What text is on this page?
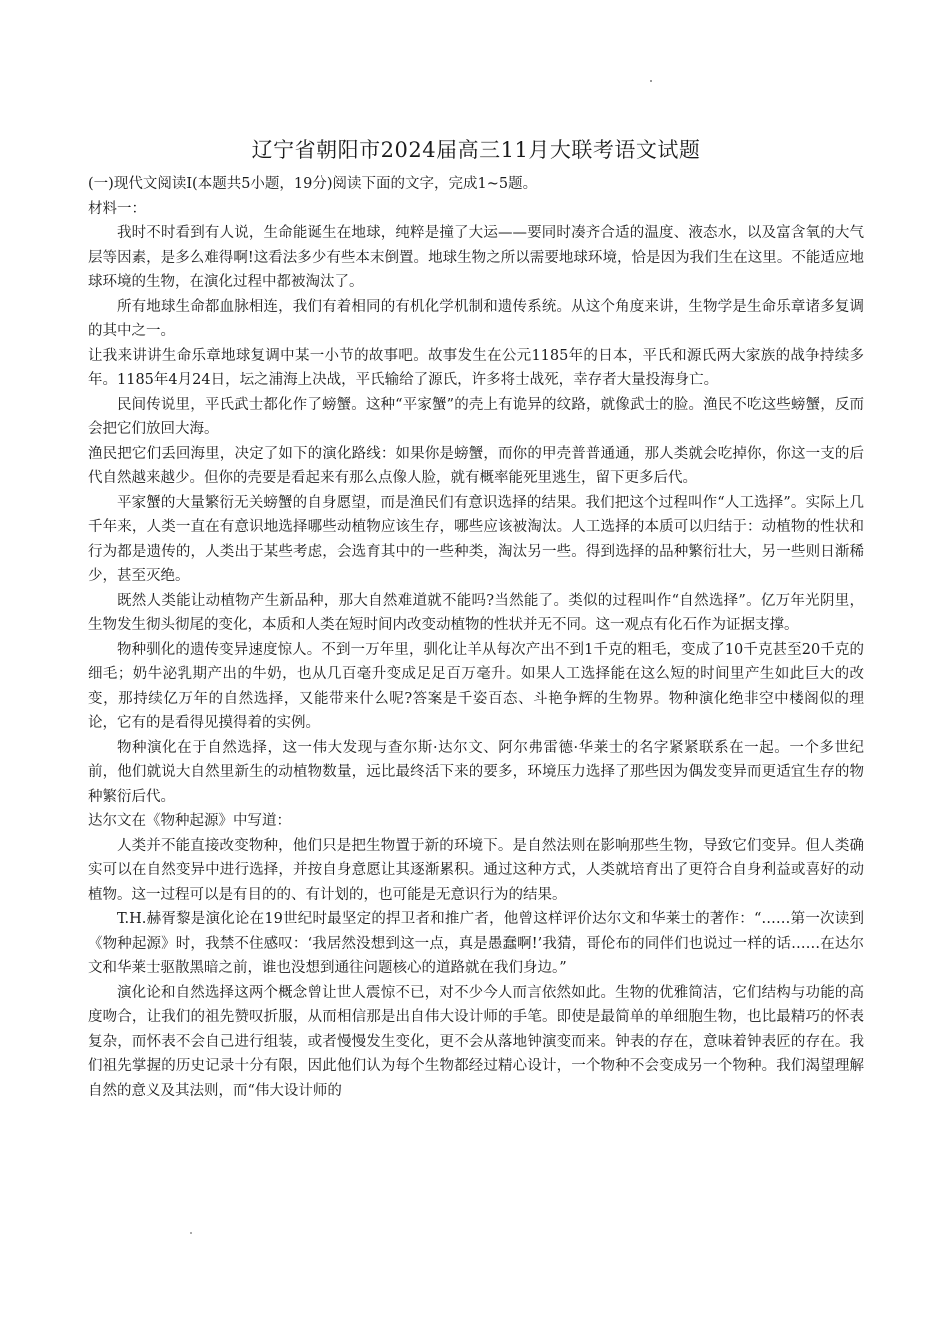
辽宁省朝阳市2024届高三11月大联考语文试题

(一)现代文阅读I(本题共5小题，19分)阅读下面的文字，完成1~5题。

材料一：

我时不时看到有人说，生命能诞生在地球，纯粹是撞了大运——要同时凑齐合适的温度、液态水，以及富含氧的大气层等因素，是多么难得啊!这看法多少有些本末倒置。地球生物之所以需要地球环境，恰是因为我们生在这里。不能适应地球环境的生物，在演化过程中都被淘汰了。

所有地球生命都血脉相连，我们有着相同的有机化学机制和遗传系统。从这个角度来讲，生物学是生命乐章诸多复调的其中之一。

让我来讲讲生命乐章地球复调中某一小节的故事吧。故事发生在公元1185年的日本，平氏和源氏两大家族的战争持续多年。1185年4月24日，坛之浦海上决战，平氏输给了源氏，许多将士战死，幸存者大量投海身亡。

民间传说里，平氏武士都化作了螃蟹。这种“平家蟹”的壳上有诡异的纹路，就像武士的脸。渔民不吃这些螃蟹，反而会把它们放回大海。

渔民把它们丢回海里，决定了如下的演化路线：如果你是螃蟹，而你的甲壳普普通通，那人类就会吃掉你，你这一支的后代自然越来越少。但你的壳要是看起来有那么点像人脸，就有概率能死里逃生，留下更多后代。

平家蟹的大量繁衍无关螃蟹的自身愿望，而是渔民们有意识选择的结果。我们把这个过程叫作“人工选择”。实际上几千年来，人类一直在有意识地选择哪些动植物应该生存，哪些应该被淘汰。人工选择的本质可以归结于：动植物的性状和行为都是遗传的，人类出于某些考虑，会选育其中的一些种类，淘汰另一些。得到选择的品种繁衍壮大，另一些则日渐稀少，甚至灭绝。

既然人类能让动植物产生新品种，那大自然难道就不能吗?当然能了。类似的过程叫作“自然选择”。亿万年光阴里，生物发生彻头彻尾的变化，本质和人类在短时间内改变动植物的性状并无不同。这一观点有化石作为证据支撑。

物种驯化的遗传变异速度惊人。不到一万年里，驯化让羊从每次产出不到1千克的粗毛，变成了10千克甚至20千克的细毛；奶牛泌乳期产出的牛奶，也从几百毫升变成足足百万毫升。如果人工选择能在这么短的时间里产生如此巨大的改变，那持续亿万年的自然选择，又能带来什么呢?答案是千姿百态、斗艳争辉的生物界。物种演化绝非空中楼阁似的理论，它有的是看得见摸得着的实例。

物种演化在于自然选择，这一伟大发现与查尔斯·达尔文、阿尔弗雷德·华莱士的名字紧紧联系在一起。一个多世纪前，他们就说大自然里新生的动植物数量，远比最终活下来的要多，环境压力选择了那些因为偶发变异而更适宜生存的物种繁衍后代。

达尔文在《物种起源》中写道：

人类并不能直接改变物种，他们只是把生物置于新的环境下。是自然法则在影响那些生物，导致它们变异。但人类确实可以在自然变异中进行选择，并按自身意愿让其逐渐累积。通过这种方式，人类就培育出了更符合自身利益或喜好的动植物。这一过程可以是有目的的、有计划的，也可能是无意识行为的结果。

T.H.赫胥黎是演化论在19世纪时最坚定的捍卫者和推广者，他曾这样评价达尔文和华莱士的著作：“……第一次读到《物种起源》时，我禁不住感叹：‘我居然没想到这一点，真是愚蠢啊!’我猜，哥伦布的同伴们也说过一样的话……在达尔文和华莱士驱散黑暗之前，谁也没想到通往问题核心的道路就在我们身边。”

演化论和自然选择这两个概念曾让世人震惊不已，对不少今人而言依然如此。生物的优雅简洁，它们结构与功能的高度吻合，让我们的祖先赞叹折服，从而相信那是出自伟大设计师的手笔。即使是最简单的单细胞生物，也比最精巧的怀表复杂，而怀表不会自己进行组装，或者慢慢发生变化，更不会从落地钟演变而来。钟表的存在，意味着钟表匠的存在。我们祖先掌握的历史记录十分有限，因此他们认为每个生物都经过精心设计，一个物种不会变成另一个物种。我们渴望理解自然的意义及其法则，而“伟大设计师的
